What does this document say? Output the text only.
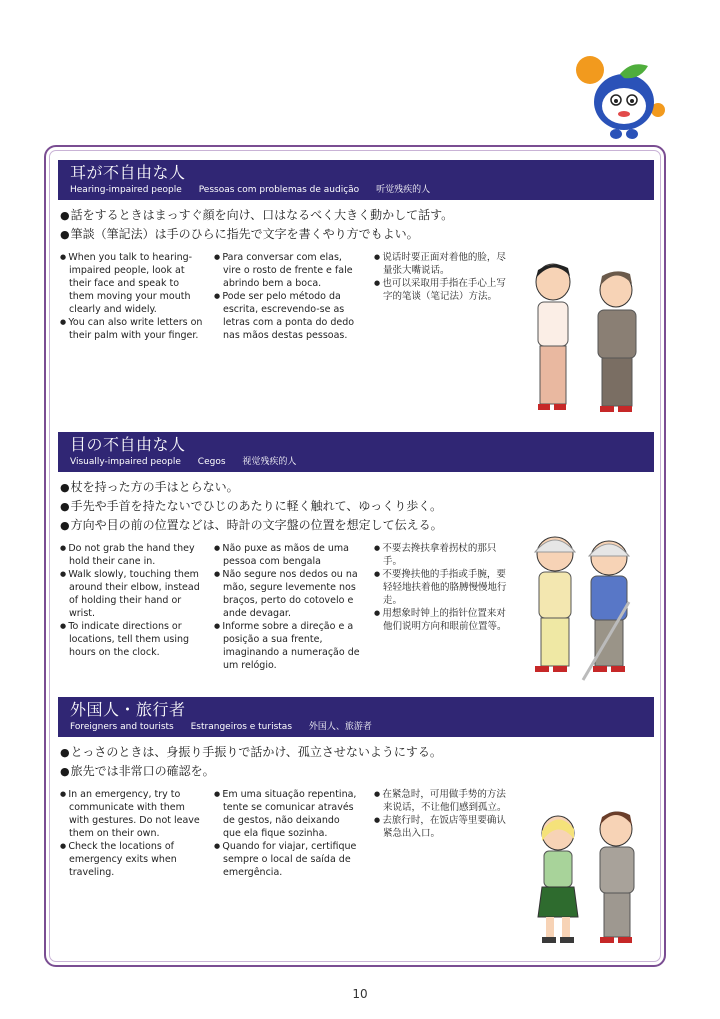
耳が不自由な人
Hearing-impaired people Pessoas com problemas de audição 听觉残疾的人
● 話をするときはまっすぐ顔を向け、口はなるべく大きく動かして話す。
● 筆談（筆記法）は手のひらに指先で文字を書くやり方でもよい。

● When you talk to hearing-impaired people, look at their face and speak to them moving your mouth clearly and widely.

● You can also write letters on their palm with your finger.

● Para conversar com elas, vire o rosto de frente e fale abrindo bem a boca.

● Pode ser pelo método da escrita, escrevendo-se as letras com a ponta do dedo nas mãos destas pessoas.

● 说话时要正面对着他的脸，尽量张大嘴说话。

● 也可以采取用手指在手心上写字的笔谈（笔记法）方法。

目の不自由な人
Visually-impaired people Cegos 视觉残疾的人
● 杖を持った方の手はとらない。
● 手先や手首を持たないでひじのあたりに軽く触れて、ゆっくり歩く。
● 方向や目の前の位置などは、時計の文字盤の位置を想定して伝える。

● Do not grab the hand they hold their cane in.

● Walk slowly, touching them around their elbow, instead of holding their hand or wrist.

● To indicate directions or locations, tell them using hours on the clock.

● Não puxe as mãos de uma pessoa com bengala

● Não segure nos dedos ou na mão, segure levemente nos braços, perto do cotovelo e ande devagar.

● Informe sobre a direção e a posição a sua frente, imaginando a numeração de um relógio.

● 不要去搀扶拿着拐杖的那只手。

● 不要搀扶他的手指或手腕，要轻轻地扶着他的胳膊慢慢地行走。

● 用想象时钟上的指针位置来对他们说明方向和眼前位置等。

外国人・旅行者
Foreigners and tourists Estrangeiros e turistas 外国人、旅游者
● とっさのときは、身振り手振りで話かけ、孤立させないようにする。
● 旅先では非常口の確認を。

● In an emergency, try to communicate with them with gestures. Do not leave them on their own.

● Check the locations of emergency exits when traveling.

● Em uma situação repentina, tente se comunicar através de gestos, não deixando que ela fique sozinha.

● Quando for viajar, certifique sempre o local de saída de emergência.

● 在紧急时，可用做手势的方法来说话，不让他们感到孤立。

● 去旅行时，在饭店等里要确认紧急出入口。

10
